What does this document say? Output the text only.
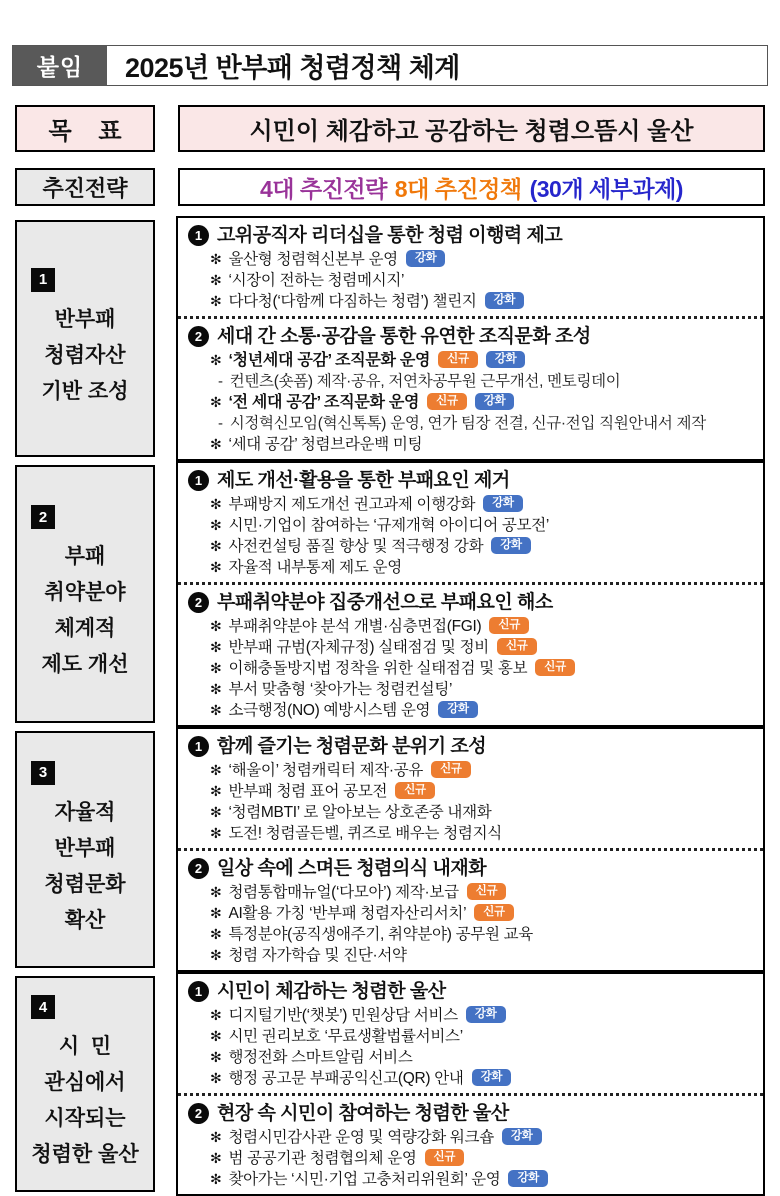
붙임	2025년 반부패 청렴정책 체계
목    표	시민이 체감하고 공감하는 청렴으뜸시 울산
추진전략	4대 추진전략 8대 추진정책 (30개 세부과제)
1
반부패
청렴자산
기반 조성
1 고위공직자 리더십을 통한 청렴 이행력 제고
✻ 울산형 청렴혁신본부 운영	강화
✻ ‘시장이 전하는 청렴메시지’
✻ 다다청(‘다함께 다짐하는 청렴’) 챌린지	강화
2 세대 간 소통·공감을 통한 유연한 조직문화 조성
✻ ‘청년세대 공감’ 조직문화 운영	신규	강화
- 컨텐츠(숏폼) 제작·공유, 저연차공무원 근무개선, 멘토링데이
✻ ‘전 세대 공감’ 조직문화 운영	신규	강화
- 시정혁신모임(혁신톡톡) 운영, 연가 팀장 전결, 신규·전입 직원안내서 제작
✻ ‘세대 공감’ 청렴브라운백 미팅
2
부패
취약분야
체계적
제도 개선
1 제도 개선·활용을 통한 부패요인 제거
✻ 부패방지 제도개선 권고과제 이행강화	강화
✻ 시민·기업이 참여하는 ‘규제개혁 아이디어 공모전’
✻ 사전컨설팅 품질 향상 및 적극행정 강화	강화
✻ 자율적 내부통제 제도 운영
2 부패취약분야 집중개선으로 부패요인 해소
✻ 부패취약분야 분석 개별·심층면접(FGI)	신규
✻ 반부패 규범(자체규정) 실태점검 및 정비	신규
✻ 이해충돌방지법 정착을 위한 실태점검 및 홍보	신규
✻ 부서 맞춤형 ‘찾아가는 청렴컨설팅’
✻ 소극행정(NO) 예방시스템 운영	강화
3
자율적
반부패
청렴문화
확산
1 함께 즐기는 청렴문화 분위기 조성
✻ ‘해울이’ 청렴캐릭터 제작·공유	신규
✻ 반부패 청렴 표어 공모전	신규
✻ ‘청렴MBTI’ 로 알아보는 상호존중 내재화
✻ 도전! 청렴골든벨, 퀴즈로 배우는 청렴지식
2 일상 속에 스며든 청렴의식 내재화
✻ 청렴통합매뉴얼(‘다모아’) 제작·보급	신규
✻ AI활용 가칭 ‘반부패 청렴자산리서치’	신규
✻ 특정분야(공직생애주기, 취약분야) 공무원 교육
✻ 청렴 자가학습 및 진단·서약
4
시  민
관심에서
시작되는
청렴한 울산
1 시민이 체감하는 청렴한 울산
✻ 디지털기반(‘챗봇’) 민원상담 서비스	강화
✻ 시민 권리보호 ‘무료생활법률서비스’
✻ 행정전화 스마트알림 서비스
✻ 행정 공고문 부패공익신고(QR) 안내	강화
2 현장 속 시민이 참여하는 청렴한 울산
✻ 청렴시민감사관 운영 및 역량강화 워크숍	강화
✻ 범 공공기관 청렴협의체 운영	신규
✻ 찾아가는 ‘시민·기업 고충처리위원회’ 운영	강화
